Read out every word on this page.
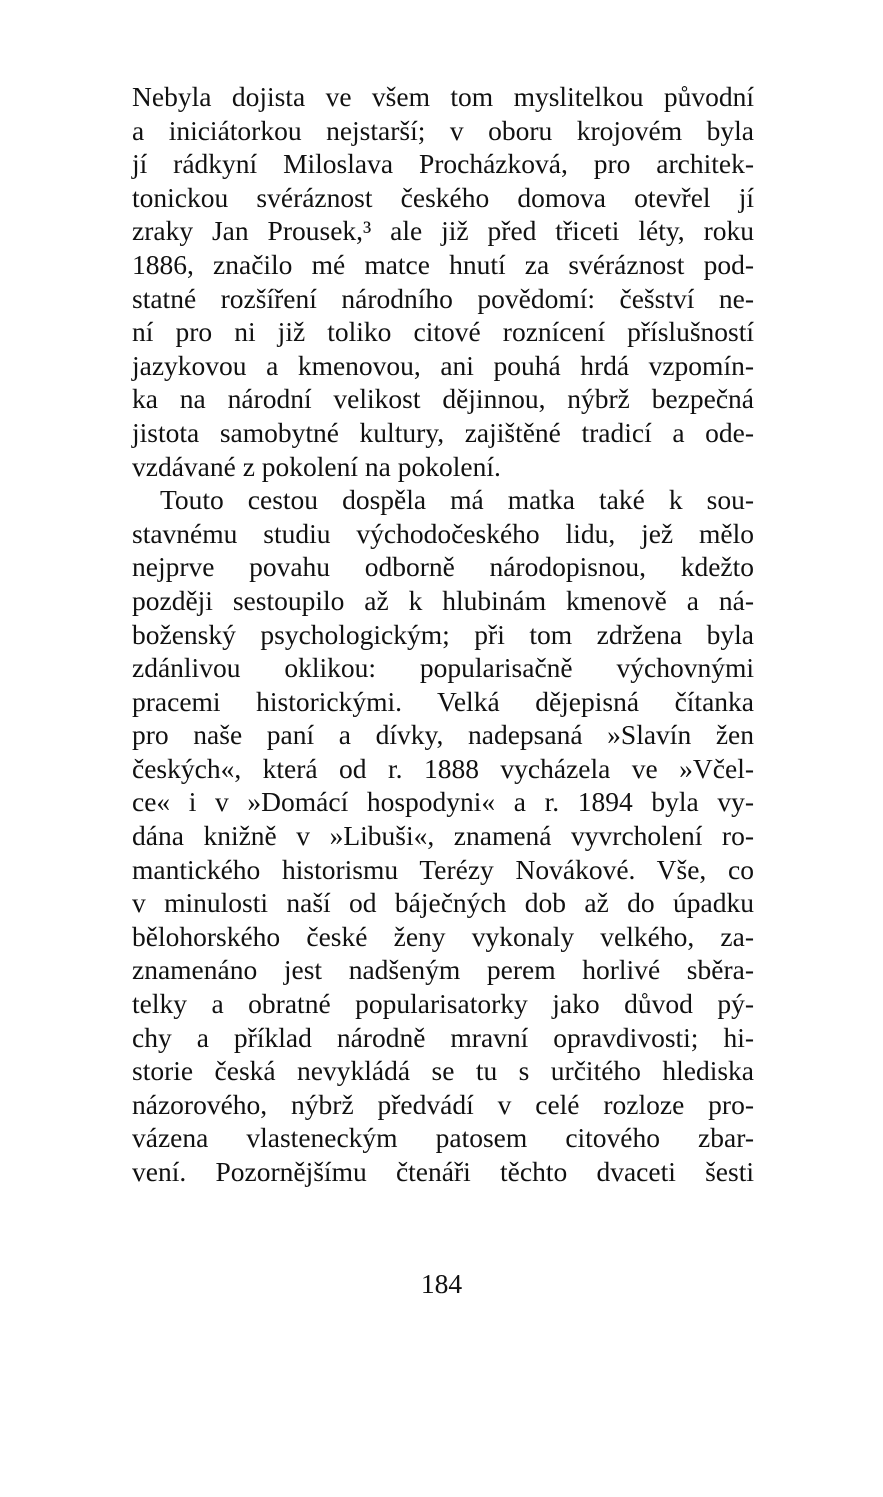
Nebyla dojista ve všem tom myslitelkou původní
a iniciátorkou nejstarší; v oboru krojovém byla
jí rádkyní Miloslava Procházková, pro architek-
tonickou svéráznost českého domova otevřel jí
zraky Jan Prousek,³ ale již před třiceti léty, roku
1886, značilo mé matce hnutí za svéráznost pod-
statné rozšíření národního povědomí: češství ne-
ní pro ni již toliko citové roznícení příslušností
jazykovou a kmenovou, ani pouhá hrdá vzpomín-
ka na národní velikost dějinnou, nýbrž bezpečná
jistota samobytné kultury, zajištěné tradicí a ode-
vzdávané z pokolení na pokolení.
Touto cestou dospěla má matka také k sou-
stavnému studiu východočeského lidu, jež mělo
nejprve povahu odborně národopisnou, kdežto
později sestoupilo až k hlubinám kmenově a ná-
boženský psychologickým; při tom zdržena byla
zdánlivou oklikou: popularisačně výchovnými
pracemi historickými. Velká dějepisná čítanka
pro naše paní a dívky, nadepsaná »Slavín žen
českých«, která od r. 1888 vycházela ve »Včel-
ce« i v »Domácí hospodyni« a r. 1894 byla vy-
dána knižně v »Libuši«, znamená vyvrcholení ro-
mantického historismu Terézy Novákové. Vše, co
v minulosti naší od báječných dob až do úpadku
bělohorského české ženy vykonaly velkého, za-
znamenáno jest nadšeným perem horlivé sběra-
telky a obratné popularisatorky jako důvod pý-
chy a příklad národně mravní opravdivosti; hi-
storie česká nevykládá se tu s určitého hlediska
názorového, nýbrž předvádí v celé rozloze pro-
vázena vlasteneckým patosem citového zbar-
vení. Pozornějšímu čtenáři těchto dvaceti šesti
184
